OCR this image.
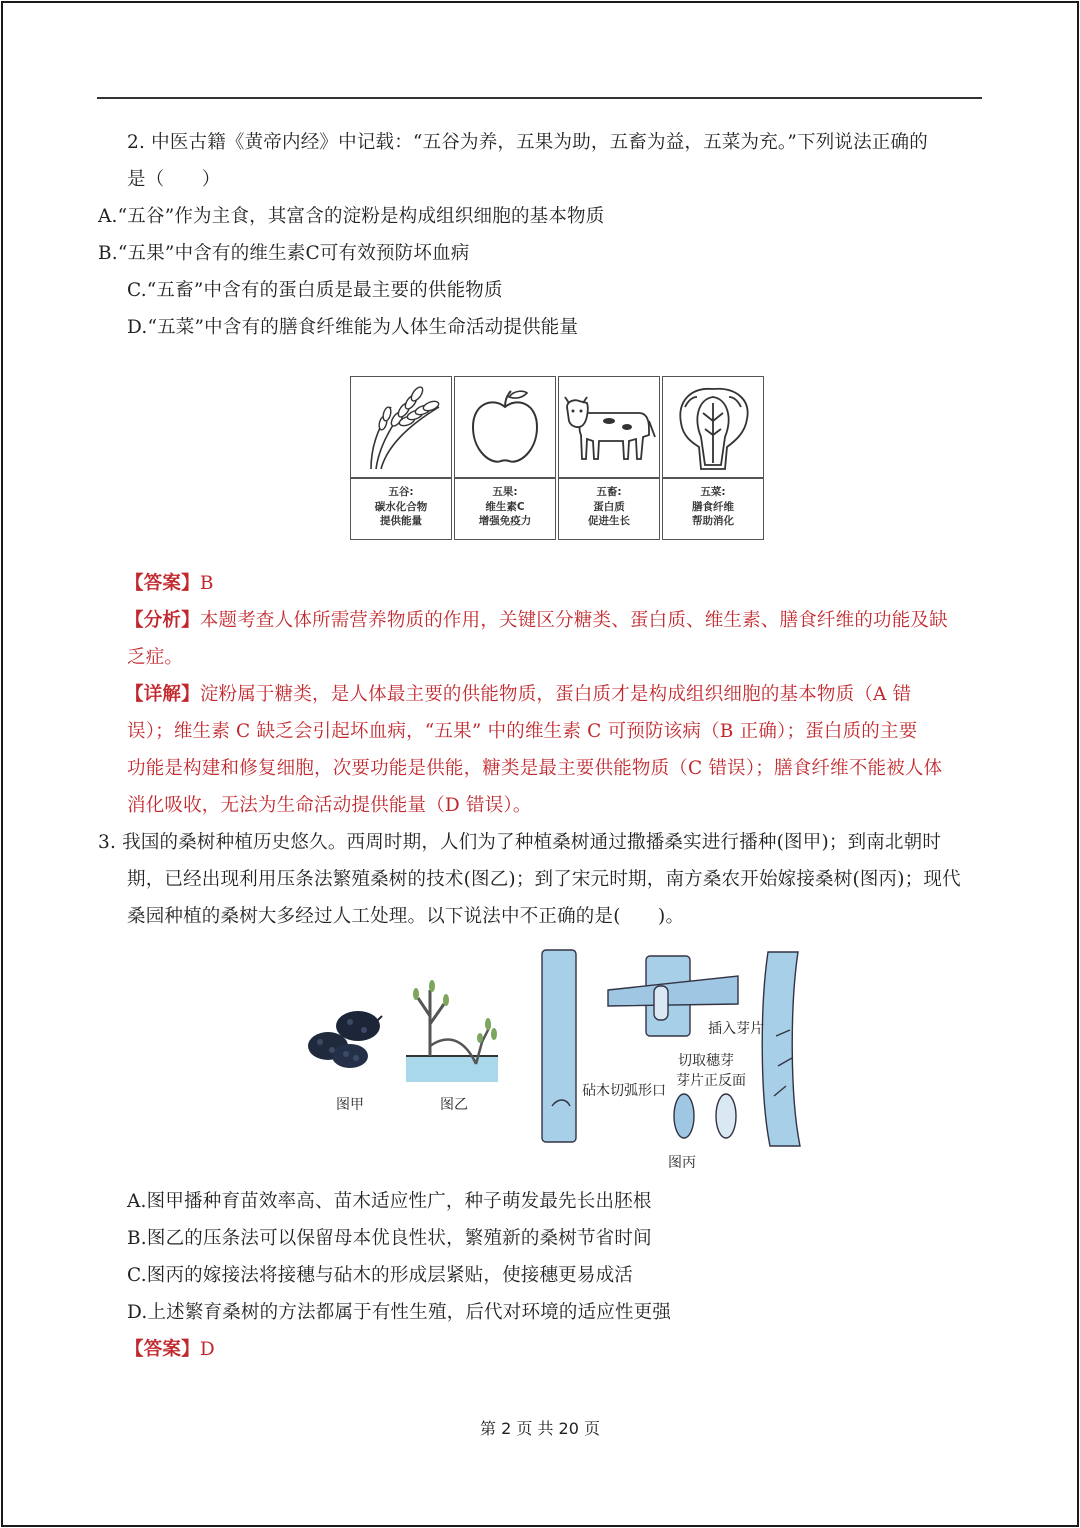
2. 中医古籍《黄帝内经》中记载：“五谷为养，五果为助，五畜为益，五菜为充。”下列说法正确的
是（　　）
A.“五谷”作为主食，其富含的淀粉是构成组织细胞的基本物质
B.“五果”中含有的维生素C可有效预防坏血病
C.“五畜”中含有的蛋白质是最主要的供能物质
D.“五菜”中含有的膳食纤维能为人体生命活动提供能量
五谷:
碳水化合物
提供能量
五果:
维生素C
增强免疫力
五畜:
蛋白质
促进生长
五菜:
膳食纤维
帮助消化
【答案】B
【分析】本题考查人体所需营养物质的作用，关键区分糖类、蛋白质、维生素、膳食纤维的功能及缺
乏症。
【详解】淀粉属于糖类，是人体最主要的供能物质，蛋白质才是构成组织细胞的基本物质（A 错
误）；维生素 C 缺乏会引起坏血病，“五果” 中的维生素 C 可预防该病（B 正确）；蛋白质的主要
功能是构建和修复细胞，次要功能是供能，糖类是最主要供能物质（C 错误）；膳食纤维不能被人体
消化吸收，无法为生命活动提供能量（D 错误）。
3. 我国的桑树种植历史悠久。西周时期，人们为了种植桑树通过撒播桑实进行播种(图甲)；到南北朝时
期，已经出现利用压条法繁殖桑树的技术(图乙)；到了宋元时期，南方桑农开始嫁接桑树(图丙)；现代
桑园种植的桑树大多经过人工处理。以下说法中不正确的是(　　)。
图甲	图乙
图丙
插入芽片
切取穗芽
芽片正反面
砧木切弧形口
A.图甲播种育苗效率高、苗木适应性广，种子萌发最先长出胚根
B.图乙的压条法可以保留母本优良性状，繁殖新的桑树节省时间
C.图丙的嫁接法将接穗与砧木的形成层紧贴，使接穗更易成活
D.上述繁育桑树的方法都属于有性生殖，后代对环境的适应性更强
【答案】D
第 2 页 共 20 页
